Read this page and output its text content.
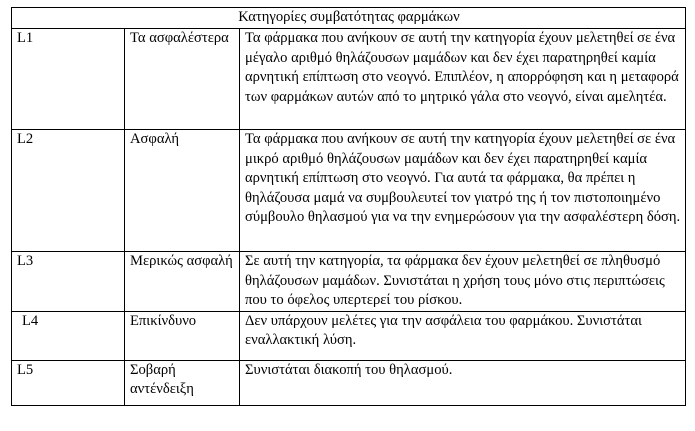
Κατηγορίες συμβατότητας φαρμάκων		
L1	Τα ασφαλέστερα	Τα φάρμακα που ανήκουν σε αυτή την κατηγορία έχουν μελετηθεί σε ένα μέγαλο αριθμό θηλάζουσων μαμάδων και δεν έχει παρατηρηθεί καμία αρνητική επίπτωση στο νεογνό. Επιπλέον, η απορρόφηση και η μεταφορά των φαρμάκων αυτών από το μητρικό γάλα στο νεογνό, είναι αμελητέα.
L2	Ασφαλή	Τα φάρμακα που ανήκουν σε αυτή την κατηγορία έχουν μελετηθεί σε ένα μικρό αριθμό θηλάζουσων μαμάδων και δεν έχει παρατηρηθεί καμία αρνητική επίπτωση στο νεογνό. Για αυτά τα φάρμακα, θα πρέπει η θηλάζουσα μαμά να συμβουλευτεί τον γιατρό της ή τον πιστοποιημένο σύμβουλο θηλασμού για να την ενημερώσουν για την ασφαλέστερη δόση.
L3	Μερικώς ασφαλή	Σε αυτή την κατηγορία, τα φάρμακα δεν έχουν μελετηθεί σε πληθυσμό θηλάζουσων μαμάδων. Συνιστάται η χρήση τους μόνο στις περιπτώσεις που το όφελος υπερτερεί του ρίσκου.
L4	Επικίνδυνο	Δεν υπάρχουν μελέτες για την ασφάλεια του φαρμάκου. Συνιστάται εναλλακτική λύση.
L5	Σοβαρή αντένδειξη	Συνιστάται διακοπή του θηλασμού.
